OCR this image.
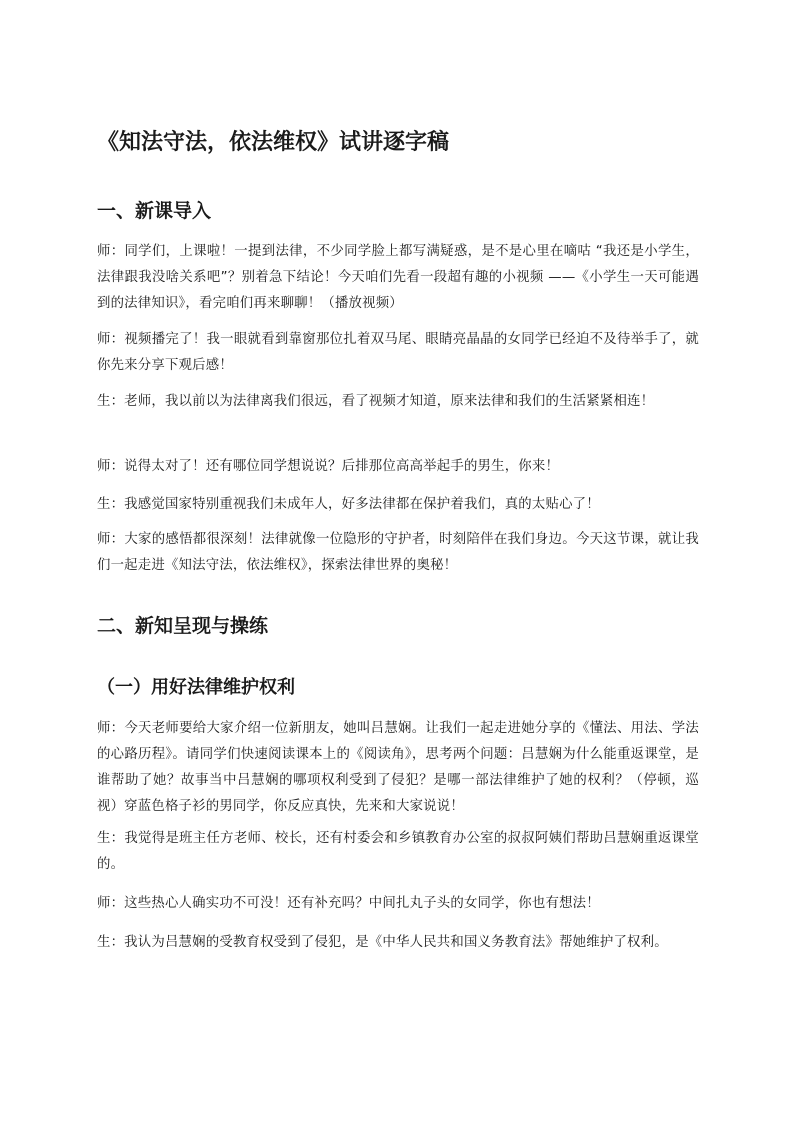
《知法守法，依法维权》试讲逐字稿
一、新课导入
师：同学们，上课啦！一提到法律，不少同学脸上都写满疑惑，是不是心里在嘀咕 “我还是小学生，法律跟我没啥关系吧”？别着急下结论！今天咱们先看一段超有趣的小视频 ——《小学生一天可能遇到的法律知识》，看完咱们再来聊聊！（播放视频）
师：视频播完了！我一眼就看到靠窗那位扎着双马尾、眼睛亮晶晶的女同学已经迫不及待举手了，就你先来分享下观后感！
生：老师，我以前以为法律离我们很远，看了视频才知道，原来法律和我们的生活紧紧相连！
师：说得太对了！还有哪位同学想说说？后排那位高高举起手的男生，你来！
生：我感觉国家特别重视我们未成年人，好多法律都在保护着我们，真的太贴心了！
师：大家的感悟都很深刻！法律就像一位隐形的守护者，时刻陪伴在我们身边。今天这节课，就让我们一起走进《知法守法，依法维权》，探索法律世界的奥秘！
二、新知呈现与操练
（一）用好法律维护权利
师：今天老师要给大家介绍一位新朋友，她叫吕慧娴。让我们一起走进她分享的《懂法、用法、学法的心路历程》。请同学们快速阅读课本上的《阅读角》，思考两个问题：吕慧娴为什么能重返课堂，是谁帮助了她？故事当中吕慧娴的哪项权利受到了侵犯？是哪一部法律维护了她的权利？（停顿，巡视）穿蓝色格子衫的男同学，你反应真快，先来和大家说说！
生：我觉得是班主任方老师、校长，还有村委会和乡镇教育办公室的叔叔阿姨们帮助吕慧娴重返课堂的。
师：这些热心人确实功不可没！还有补充吗？中间扎丸子头的女同学，你也有想法！
生：我认为吕慧娴的受教育权受到了侵犯，是《中华人民共和国义务教育法》帮她维护了权利。
